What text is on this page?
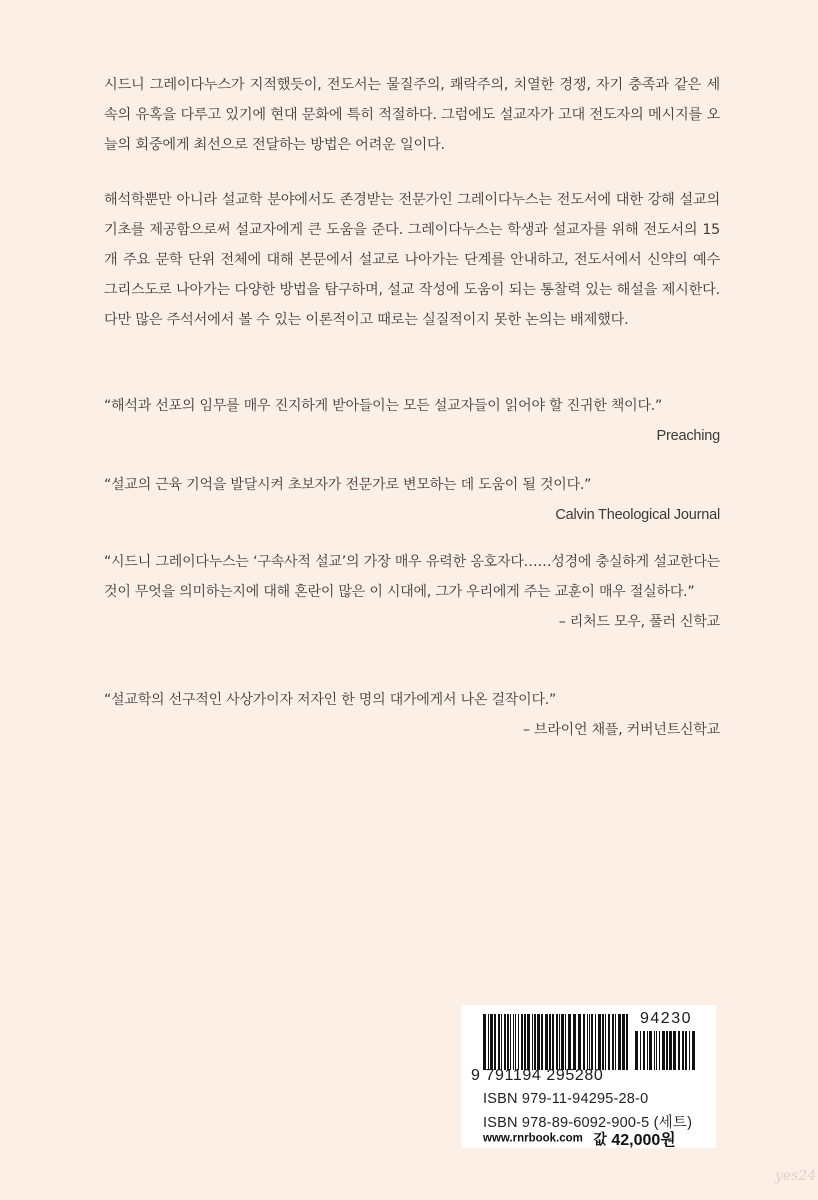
시드니 그레이다누스가 지적했듯이, 전도서는 물질주의, 쾌락주의, 치열한 경쟁, 자기 충족과 같은 세속의 유혹을 다루고 있기에 현대 문화에 특히 적절하다. 그럼에도 설교자가 고대 전도자의 메시지를 오늘의 회중에게 최선으로 전달하는 방법은 어려운 일이다.

해석학뿐만 아니라 설교학 분야에서도 존경받는 전문가인 그레이다누스는 전도서에 대한 강해 설교의 기초를 제공함으로써 설교자에게 큰 도움을 준다. 그레이다누스는 학생과 설교자를 위해 전도서의 15개 주요 문학 단위 전체에 대해 본문에서 설교로 나아가는 단계를 안내하고, 전도서에서 신약의 예수 그리스도로 나아가는 다양한 방법을 탐구하며, 설교 작성에 도움이 되는 통찰력 있는 해설을 제시한다. 다만 많은 주석서에서 볼 수 있는 이론적이고 때로는 실질적이지 못한 논의는 배제했다.

“해석과 선포의 임무를 매우 진지하게 받아들이는 모든 설교자들이 읽어야 할 진귀한 책이다.”

Preaching

“설교의 근육 기억을 발달시켜 초보자가 전문가로 변모하는 데 도움이 될 것이다.”

Calvin Theological Journal

“시드니 그레이다누스는 ‘구속사적 설교’의 가장 매우 유력한 옹호자다……성경에 충실하게 설교한다는 것이 무엇을 의미하는지에 대해 혼란이 많은 이 시대에, 그가 우리에게 주는 교훈이 매우 절실하다.”

– 리처드 모우, 풀러 신학교

“설교학의 선구적인 사상가이자 저자인 한 명의 대가에게서 나온 걸작이다.”

– 브라이언 채플, 커버넌트신학교

94230
9 791194 295280
ISBN 979-11-94295-28-0
ISBN 978-89-6092-900-5 (세트)
www.rnrbook.com 값 42,000원
yes24
